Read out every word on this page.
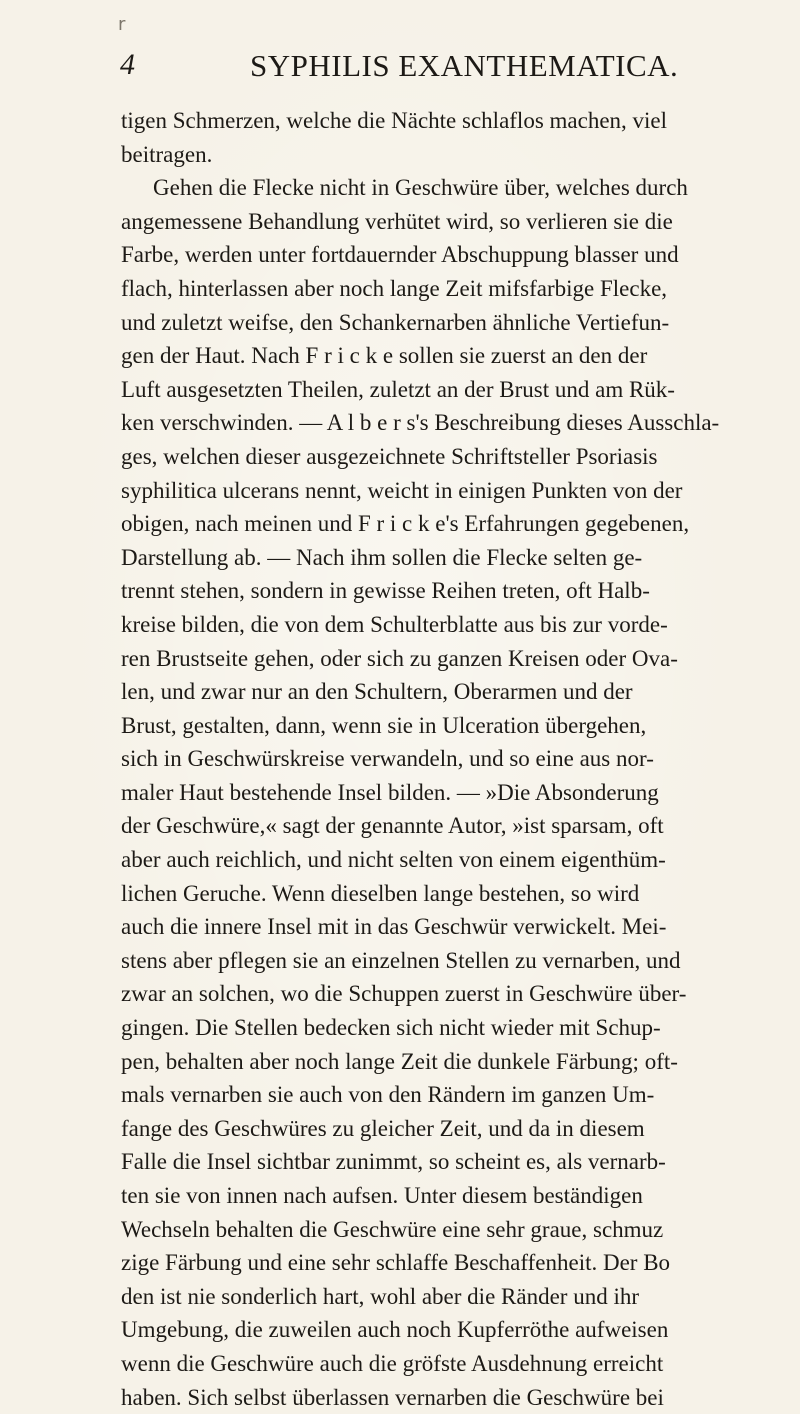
r
4	SYPHILIS EXANTHEMATICA.
tigen Schmerzen, welche die Nächte schlaflos machen, viel
beitragen.
Gehen die Flecke nicht in Geschwüre über, welches durch
angemessene Behandlung verhütet wird, so verlieren sie die
Farbe, werden unter fortdauernder Abschuppung blasser und
flach, hinterlassen aber noch lange Zeit mifsfarbige Flecke,
und zuletzt weifse, den Schankernarben ähnliche Vertiefun-
gen der Haut. Nach F r i c k e sollen sie zuerst an den der
Luft ausgesetzten Theilen, zuletzt an der Brust und am Rük-
ken verschwinden. — A l b e r s's Beschreibung dieses Ausschla-
ges, welchen dieser ausgezeichnete Schriftsteller Psoriasis
syphilitica ulcerans nennt, weicht in einigen Punkten von der
obigen, nach meinen und F r i c k e's Erfahrungen gegebenen,
Darstellung ab. — Nach ihm sollen die Flecke selten ge-
trennt stehen, sondern in gewisse Reihen treten, oft Halb-
kreise bilden, die von dem Schulterblatte aus bis zur vorde-
ren Brustseite gehen, oder sich zu ganzen Kreisen oder Ova-
len, und zwar nur an den Schultern, Oberarmen und der
Brust, gestalten, dann, wenn sie in Ulceration übergehen,
sich in Geschwürskreise verwandeln, und so eine aus nor-
maler Haut bestehende Insel bilden. — »Die Absonderung
der Geschwüre,« sagt der genannte Autor, »ist sparsam, oft
aber auch reichlich, und nicht selten von einem eigenthüm-
lichen Geruche. Wenn dieselben lange bestehen, so wird
auch die innere Insel mit in das Geschwür verwickelt. Mei-
stens aber pflegen sie an einzelnen Stellen zu vernarben, und
zwar an solchen, wo die Schuppen zuerst in Geschwüre über-
gingen. Die Stellen bedecken sich nicht wieder mit Schup-
pen, behalten aber noch lange Zeit die dunkele Färbung; oft-
mals vernarben sie auch von den Rändern im ganzen Um-
fange des Geschwüres zu gleicher Zeit, und da in diesem
Falle die Insel sichtbar zunimmt, so scheint es, als vernarb-
ten sie von innen nach aufsen. Unter diesem beständigen
Wechseln behalten die Geschwüre eine sehr graue, schmuz
zige Färbung und eine sehr schlaffe Beschaffenheit. Der Bo
den ist nie sonderlich hart, wohl aber die Ränder und ihr
Umgebung, die zuweilen auch noch Kupferröthe aufweisen
wenn die Geschwüre auch die gröfste Ausdehnung erreicht
haben. Sich selbst überlassen vernarben die Geschwüre bei
